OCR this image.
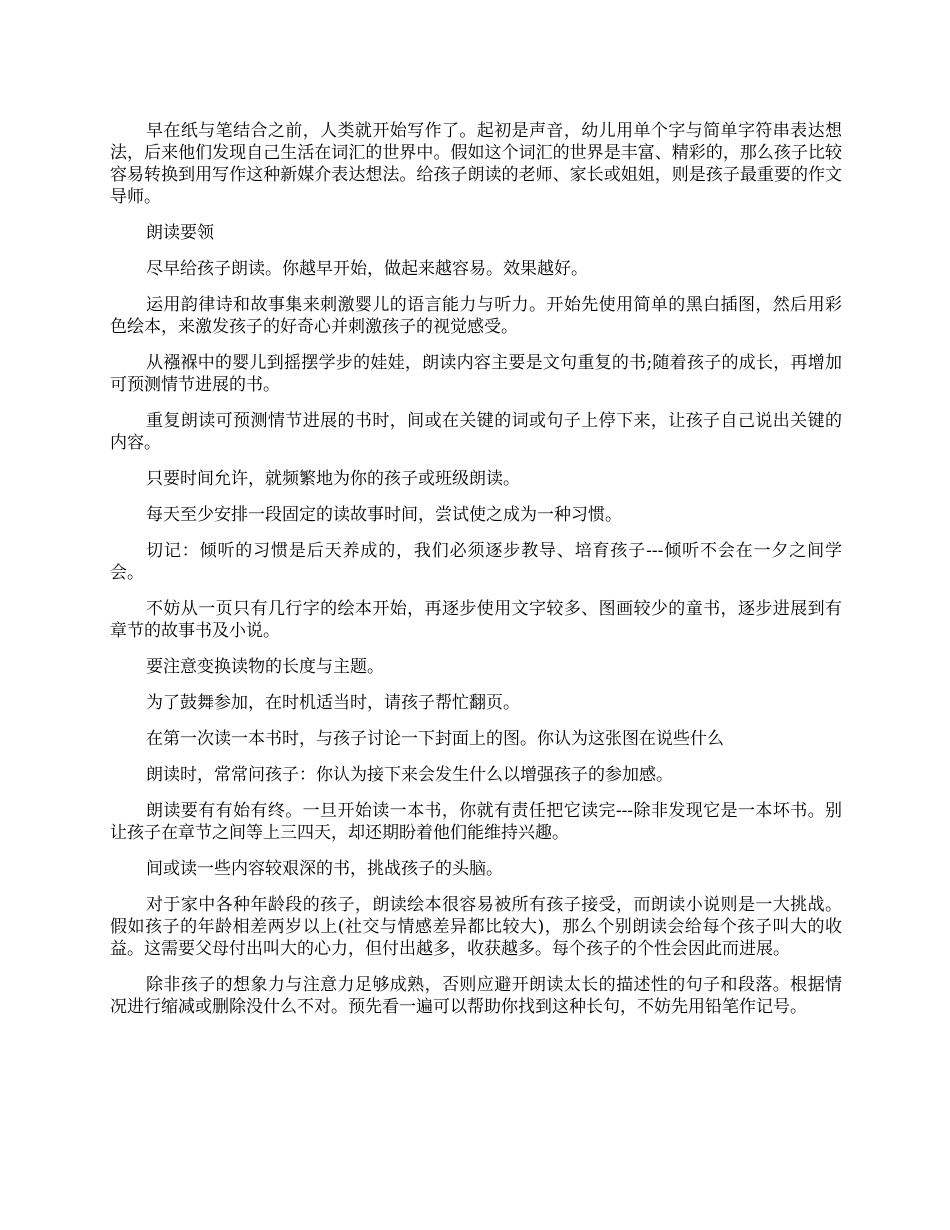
早在纸与笔结合之前，人类就开始写作了。起初是声音，幼儿用单个字与简单字符串表达想法，后来他们发现自己生活在词汇的世界中。假如这个词汇的世界是丰富、精彩的，那么孩子比较容易转换到用写作这种新媒介表达想法。给孩子朗读的老师、家长或姐姐，则是孩子最重要的作文导师。

朗读要领

尽早给孩子朗读。你越早开始，做起来越容易。效果越好。

运用韵律诗和故事集来刺激婴儿的语言能力与听力。开始先使用简单的黑白插图，然后用彩色绘本，来激发孩子的好奇心并刺激孩子的视觉感受。

从襁褓中的婴儿到摇摆学步的娃娃，朗读内容主要是文句重复的书;随着孩子的成长，再增加可预测情节进展的书。

重复朗读可预测情节进展的书时，间或在关键的词或句子上停下来，让孩子自己说出关键的内容。

只要时间允许，就频繁地为你的孩子或班级朗读。

每天至少安排一段固定的读故事时间，尝试使之成为一种习惯。

切记：倾听的习惯是后天养成的，我们必须逐步教导、培育孩子---倾听不会在一夕之间学会。

不妨从一页只有几行字的绘本开始，再逐步使用文字较多、图画较少的童书，逐步进展到有章节的故事书及小说。

要注意变换读物的长度与主题。

为了鼓舞参加，在时机适当时，请孩子帮忙翻页。

在第一次读一本书时，与孩子讨论一下封面上的图。你认为这张图在说些什么

朗读时，常常问孩子：你认为接下来会发生什么以增强孩子的参加感。

朗读要有有始有终。一旦开始读一本书，你就有责任把它读完---除非发现它是一本坏书。别让孩子在章节之间等上三四天，却还期盼着他们能维持兴趣。

间或读一些内容较艰深的书，挑战孩子的头脑。

对于家中各种年龄段的孩子，朗读绘本很容易被所有孩子接受，而朗读小说则是一大挑战。假如孩子的年龄相差两岁以上(社交与情感差异都比较大)，那么个别朗读会给每个孩子叫大的收益。这需要父母付出叫大的心力，但付出越多，收获越多。每个孩子的个性会因此而进展。

除非孩子的想象力与注意力足够成熟，否则应避开朗读太长的描述性的句子和段落。根据情况进行缩减或删除没什么不对。预先看一遍可以帮助你找到这种长句，不妨先用铅笔作记号。
